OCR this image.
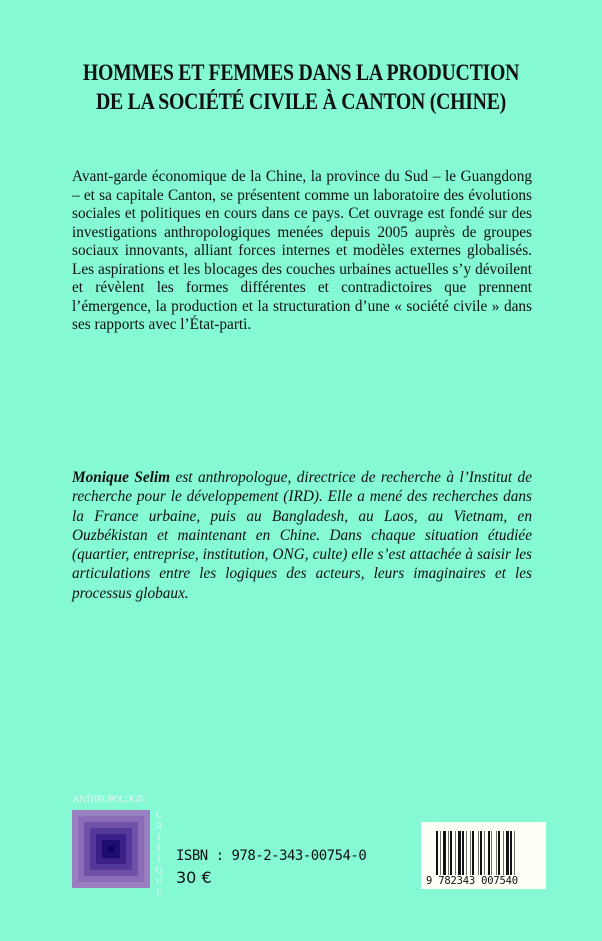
HOMMES ET FEMMES DANS LA PRODUCTION
DE LA SOCIÉTÉ CIVILE À CANTON (CHINE)
Avant-garde économique de la Chine, la province du Sud – le Guangdong – et sa capitale Canton, se présentent comme un laboratoire des évolutions sociales et politiques en cours dans ce pays. Cet ouvrage est fondé sur des investigations anthropologiques menées depuis 2005 auprès de groupes sociaux innovants, alliant forces internes et modèles externes globalisés. Les aspirations et les blocages des couches urbaines actuelles s’y dévoilent et révèlent les formes différentes et contradictoires que prennent l’émergence, la production et la structuration d’une « société civile » dans ses rapports avec l’État-parti.
Monique Selim est anthropologue, directrice de recherche à l’Institut de recherche pour le développement (IRD). Elle a mené des recherches dans la France urbaine, puis au Bangladesh, au Laos, au Vietnam, en Ouzbékistan et maintenant en Chine. Dans chaque situation étudiée (quartier, entreprise, institution, ONG, culte) elle s’est attachée à saisir les articulations entre les logiques des acteurs, leurs imaginaires et les processus globaux.
ANTHROPOLOGIE
C
R
I
T
I
Q
U
E
ISBN : 978-2-343-00754-0
30 €	9 782343 007540
